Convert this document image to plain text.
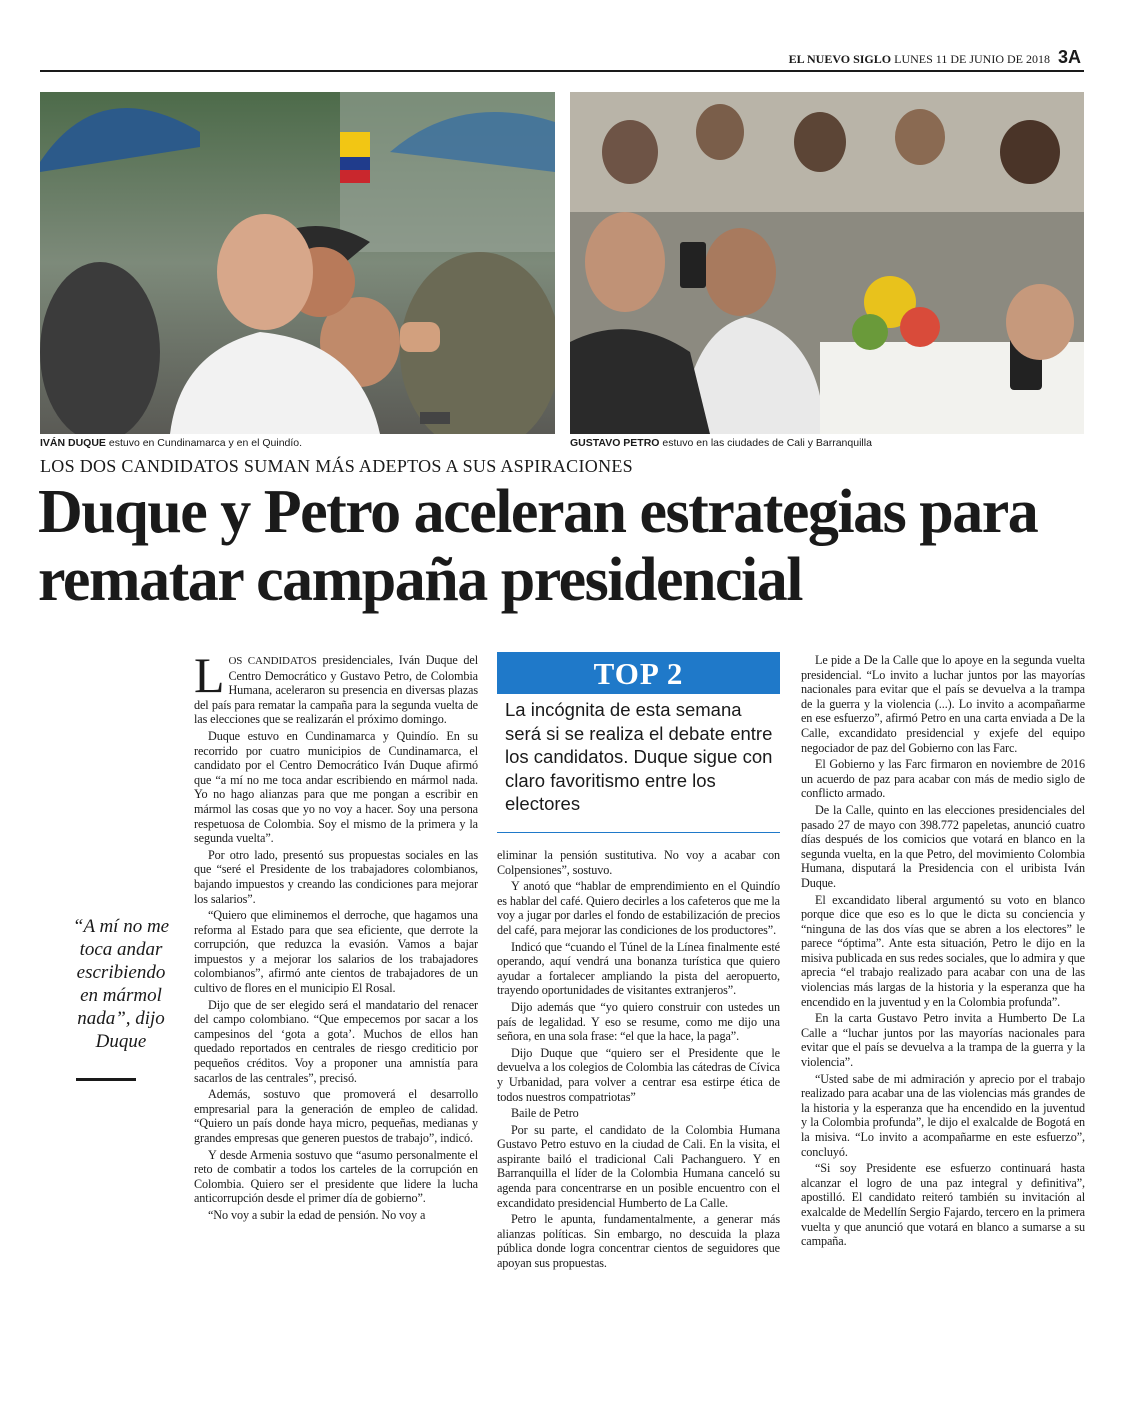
EL NUEVO SIGLO LUNES 11 DE JUNIO DE 2018 3A
IVÁN DUQUE estuvo en Cundinamarca y en el Quindío.	GUSTAVO PETRO estuvo en las ciudades de Cali y Barranquilla
LOS DOS CANDIDATOS SUMAN MÁS ADEPTOS A SUS ASPIRACIONES
Duque y Petro aceleran estrategias para rematar campaña presidencial
“A mí no me toca andar escribiendo en mármol nada”, dijo Duque

LOS CANDIDATOS presidenciales, Iván Duque del Centro Democrático y Gustavo Petro, de Colombia Humana, aceleraron su presencia en diversas plazas del país para rematar la campaña para la segunda vuelta de las elecciones que se realizarán el próximo domingo.

Duque estuvo en Cundinamarca y Quindío. En su recorrido por cuatro municipios de Cundinamarca, el candidato por el Centro Democrático Iván Duque afirmó que “a mí no me toca andar escribiendo en mármol nada. Yo no hago alianzas para que me pongan a escribir en mármol las cosas que yo no voy a hacer. Soy una persona respetuosa de Colombia. Soy el mismo de la primera y la segunda vuelta”.

Por otro lado, presentó sus propuestas sociales en las que “seré el Presidente de los trabajadores colombianos, bajando impuestos y creando las condiciones para mejorar los salarios”.

“Quiero que eliminemos el derroche, que hagamos una reforma al Estado para que sea eficiente, que derrote la corrupción, que reduzca la evasión. Vamos a bajar impuestos y a mejorar los salarios de los trabajadores colombianos”, afirmó ante cientos de trabajadores de un cultivo de flores en el municipio El Rosal.

Dijo que de ser elegido será el mandatario del renacer del campo colombiano. “Que empecemos por sacar a los campesinos del ‘gota a gota’. Muchos de ellos han quedado reportados en centrales de riesgo crediticio por pequeños créditos. Voy a proponer una amnistía para sacarlos de las centrales”, precisó.

Además, sostuvo que promoverá el desarrollo empresarial para la generación de empleo de calidad. “Quiero un país donde haya micro, pequeñas, medianas y grandes empresas que generen puestos de trabajo”, indicó.

Y desde Armenia sostuvo que “asumo personalmente el reto de combatir a todos los carteles de la corrupción en Colombia. Quiero ser el presidente que lidere la lucha anticorrupción desde el primer día de gobierno”.

“No voy a subir la edad de pensión. No voy a

TOP 2
La incógnita de esta semana será si se realiza el debate entre los candidatos. Duque sigue con claro favoritismo entre los electores

eliminar la pensión sustitutiva. No voy a acabar con Colpensiones”, sostuvo.

Y anotó que “hablar de emprendimiento en el Quindío es hablar del café. Quiero decirles a los cafeteros que me la voy a jugar por darles el fondo de estabilización de precios del café, para mejorar las condiciones de los productores”.

Indicó que “cuando el Túnel de la Línea finalmente esté operando, aquí vendrá una bonanza turística que quiero ayudar a fortalecer ampliando la pista del aeropuerto, trayendo oportunidades de visitantes extranjeros”.

Dijo además que “yo quiero construir con ustedes un país de legalidad. Y eso se resume, como me dijo una señora, en una sola frase: “el que la hace, la paga”.

Dijo Duque que “quiero ser el Presidente que le devuelva a los colegios de Colombia las cátedras de Cívica y Urbanidad, para volver a centrar esa estirpe ética de todos nuestros compatriotas”

Baile de Petro

Por su parte, el candidato de la Colombia Humana Gustavo Petro estuvo en la ciudad de Cali. En la visita, el aspirante bailó el tradicional Cali Pachanguero. Y en Barranquilla el líder de la Colombia Humana canceló su agenda para concentrarse en un posible encuentro con el excandidato presidencial Humberto de La Calle.

Petro le apunta, fundamentalmente, a generar más alianzas políticas. Sin embargo, no descuida la plaza pública donde logra concentrar cientos de seguidores que apoyan sus propuestas.

Le pide a De la Calle que lo apoye en la segunda vuelta presidencial. “Lo invito a luchar juntos por las mayorías nacionales para evitar que el país se devuelva a la trampa de la guerra y la violencia (...). Lo invito a acompañarme en ese esfuerzo”, afirmó Petro en una carta enviada a De la Calle, excandidato presidencial y exjefe del equipo negociador de paz del Gobierno con las Farc.

El Gobierno y las Farc firmaron en noviembre de 2016 un acuerdo de paz para acabar con más de medio siglo de conflicto armado.

De la Calle, quinto en las elecciones presidenciales del pasado 27 de mayo con 398.772 papeletas, anunció cuatro días después de los comicios que votará en blanco en la segunda vuelta, en la que Petro, del movimiento Colombia Humana, disputará la Presidencia con el uribista Iván Duque.

El excandidato liberal argumentó su voto en blanco porque dice que eso es lo que le dicta su conciencia y “ninguna de las dos vías que se abren a los electores” le parece “óptima”. Ante esta situación, Petro le dijo en la misiva publicada en sus redes sociales, que lo admira y que aprecia “el trabajo realizado para acabar con una de las violencias más largas de la historia y la esperanza que ha encendido en la juventud y en la Colombia profunda”.

En la carta Gustavo Petro invita a Humberto De La Calle a “luchar juntos por las mayorías nacionales para evitar que el país se devuelva a la trampa de la guerra y la violencia”.

“Usted sabe de mi admiración y aprecio por el trabajo realizado para acabar una de las violencias más grandes de la historia y la esperanza que ha encendido en la juventud y la Colombia profunda”, le dijo el exalcalde de Bogotá en la misiva. “Lo invito a acompañarme en este esfuerzo”, concluyó.

“Si soy Presidente ese esfuerzo continuará hasta alcanzar el logro de una paz integral y definitiva”, apostilló. El candidato reiteró también su invitación al exalcalde de Medellín Sergio Fajardo, tercero en la primera vuelta y que anunció que votará en blanco a sumarse a su campaña.
